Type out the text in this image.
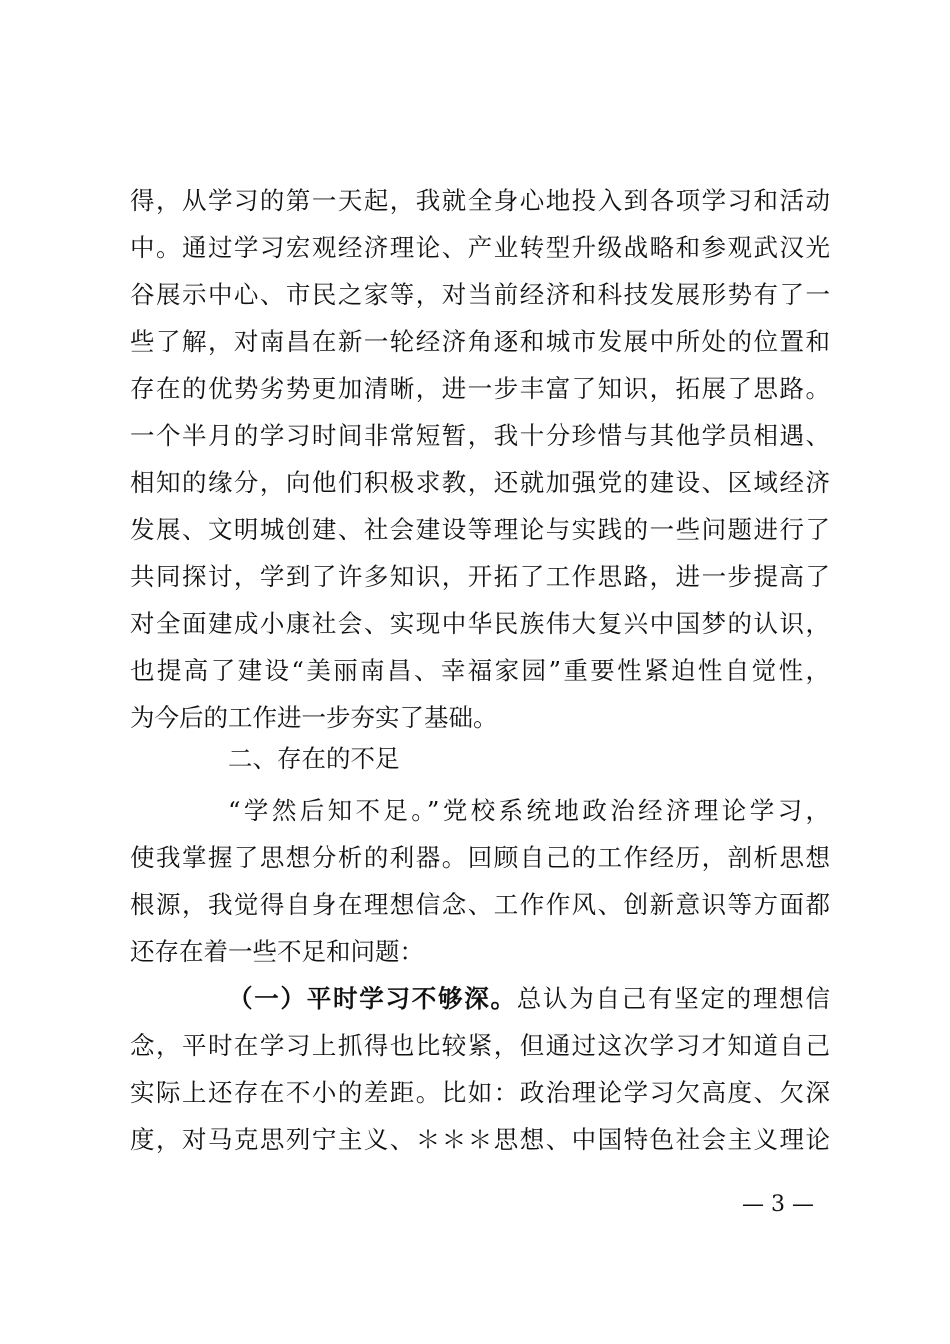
得，从学习的第一天起，我就全身心地投入到各项学习和活动
中。通过学习宏观经济理论、产业转型升级战略和参观武汉光
谷展示中心、市民之家等，对当前经济和科技发展形势有了一
些了解，对南昌在新一轮经济角逐和城市发展中所处的位置和
存在的优势劣势更加清晰，进一步丰富了知识，拓展了思路。
一个半月的学习时间非常短暂，我十分珍惜与其他学员相遇、
相知的缘分，向他们积极求教，还就加强党的建设、区域经济
发展、文明城创建、社会建设等理论与实践的一些问题进行了
共同探讨，学到了许多知识，开拓了工作思路，进一步提高了
对全面建成小康社会、实现中华民族伟大复兴中国梦的认识，
也提高了建设“美丽南昌、幸福家园”重要性紧迫性自觉性，
为今后的工作进一步夯实了基础。
二、存在的不足
“学然后知不足。”党校系统地政治经济理论学习，
使我掌握了思想分析的利器。回顾自己的工作经历，剖析思想
根源，我觉得自身在理想信念、工作作风、创新意识等方面都
还存在着一些不足和问题：
（一）平时学习不够深。总认为自己有坚定的理想信
念，平时在学习上抓得也比较紧，但通过这次学习才知道自己
实际上还存在不小的差距。比如：政治理论学习欠高度、欠深
度，对马克思列宁主义、＊＊＊思想、中国特色社会主义理论
— 3 —
